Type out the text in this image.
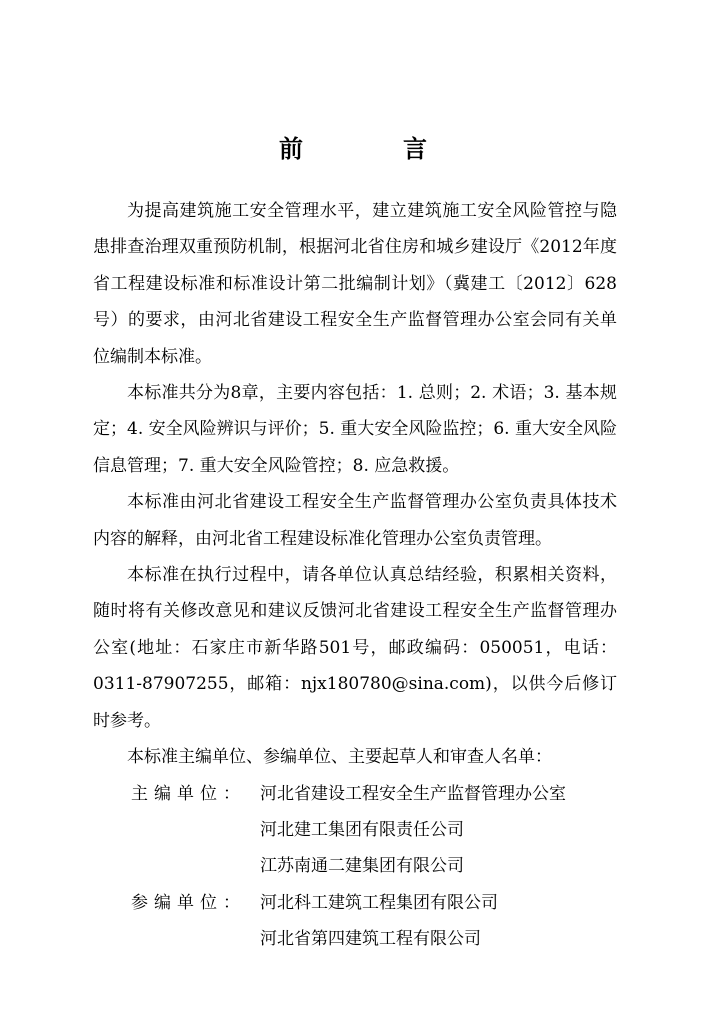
前　言

为提高建筑施工安全管理水平，建立建筑施工安全风险管控与隐患排查治理双重预防机制，根据河北省住房和城乡建设厅《2012年度省工程建设标准和标准设计第二批编制计划》（冀建工〔2012〕628号）的要求，由河北省建设工程安全生产监督管理办公室会同有关单位编制本标准。

本标准共分为8章，主要内容包括：1. 总则；2. 术语；3. 基本规定；4. 安全风险辨识与评价；5. 重大安全风险监控；6. 重大安全风险信息管理；7. 重大安全风险管控；8. 应急救援。

本标准由河北省建设工程安全生产监督管理办公室负责具体技术内容的解释，由河北省工程建设标准化管理办公室负责管理。

本标准在执行过程中，请各单位认真总结经验，积累相关资料，随时将有关修改意见和建议反馈河北省建设工程安全生产监督管理办公室(地址：石家庄市新华路501号，邮政编码：050051，电话：0311-87907255，邮箱：njx180780@sina.com)，以供今后修订时参考。

本标准主编单位、参编单位、主要起草人和审查人名单：

主编单位： 河北省建设工程安全生产监督管理办公室
河北建工集团有限责任公司
江苏南通二建集团有限公司
参编单位： 河北科工建筑工程集团有限公司
河北省第四建筑工程有限公司
